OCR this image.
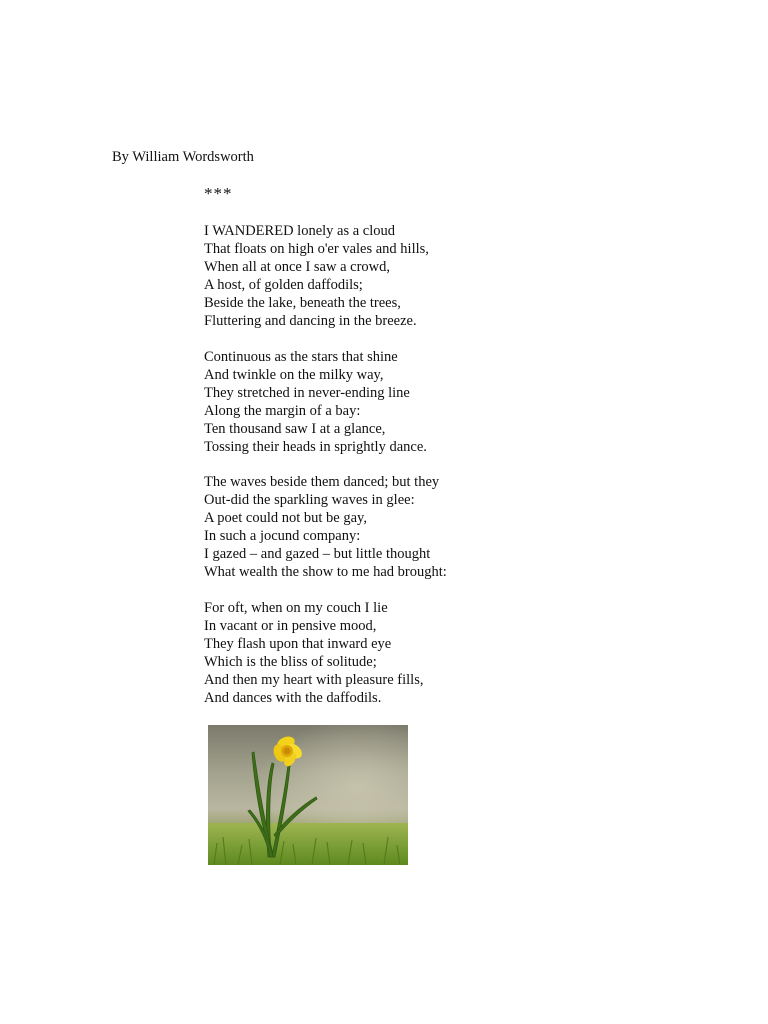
By William Wordsworth
***
I WANDERED lonely as a cloud
That floats on high o'er vales and hills,
When all at once I saw a crowd,
A host, of golden daffodils;
Beside the lake, beneath the trees,
Fluttering and dancing in the breeze.
Continuous as the stars that shine
And twinkle on the milky way,
They stretched in never-ending line
Along the margin of a bay:
Ten thousand saw I at a glance,
Tossing their heads in sprightly dance.
The waves beside them danced; but they
Out-did the sparkling waves in glee:
A poet could not but be gay,
In such a jocund company:
I gazed – and gazed – but little thought
What wealth the show to me had brought:
For oft, when on my couch I lie
In vacant or in pensive mood,
They flash upon that inward eye
Which is the bliss of solitude;
And then my heart with pleasure fills,
And dances with the daffodils.
